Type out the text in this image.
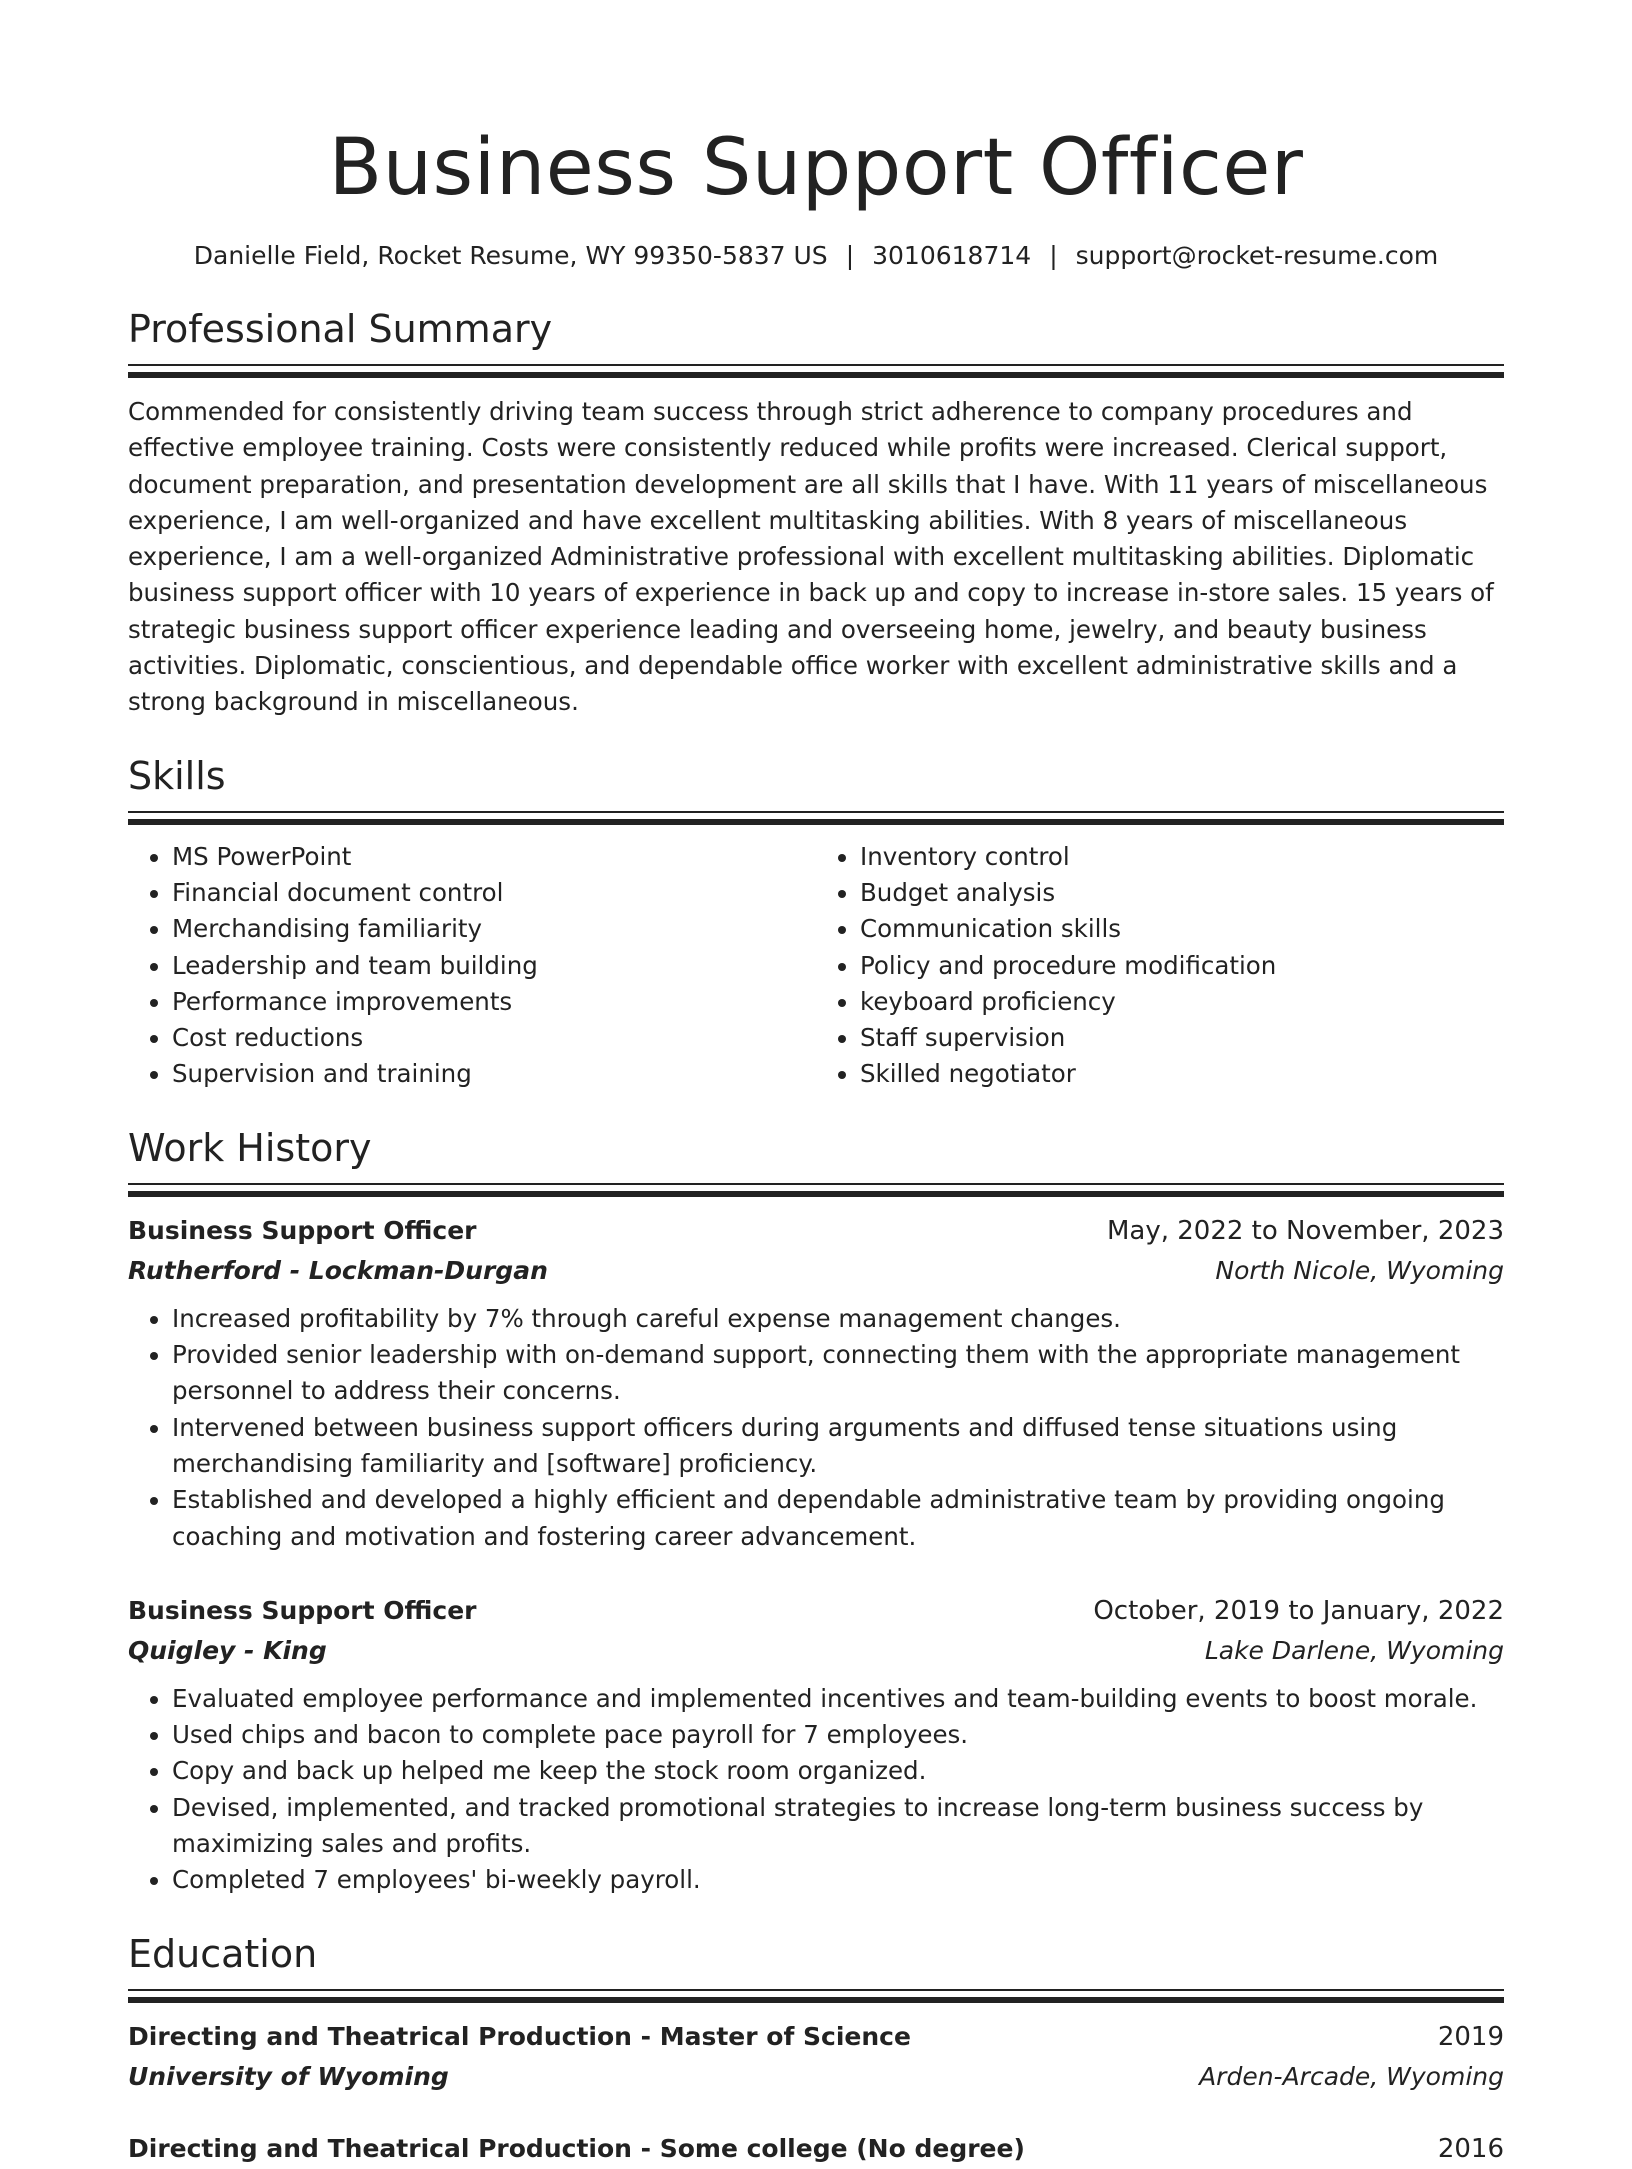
Business Support Officer
Danielle Field, Rocket Resume, WY 99350-5837 US | 3010618714 | support@rocket-resume.com
Professional Summary

Commended for consistently driving team success through strict adherence to company procedures and effective employee training. Costs were consistently reduced while profits were increased. Clerical support, document preparation, and presentation development are all skills that I have. With 11 years of miscellaneous experience, I am well-organized and have excellent multitasking abilities. With 8 years of miscellaneous experience, I am a well-organized Administrative professional with excellent multitasking abilities. Diplomatic business support officer with 10 years of experience in back up and copy to increase in-store sales. 15 years of strategic business support officer experience leading and overseeing home, jewelry, and beauty business activities. Diplomatic, conscientious, and dependable office worker with excellent administrative skills and a strong background in miscellaneous.

Skills
• MS PowerPoint
• Financial document control
• Merchandising familiarity
• Leadership and team building
• Performance improvements
• Cost reductions
• Supervision and training
• Inventory control
• Budget analysis
• Communication skills
• Policy and procedure modification
• keyboard proficiency
• Staff supervision
• Skilled negotiator
Work History
Business Support Officer	May, 2022 to November, 2023
Rutherford - Lockman-Durgan	North Nicole, Wyoming
• Increased profitability by 7% through careful expense management changes.
• Provided senior leadership with on-demand support, connecting them with the appropriate management personnel to address their concerns.
• Intervened between business support officers during arguments and diffused tense situations using merchandising familiarity and [software] proficiency.
• Established and developed a highly efficient and dependable administrative team by providing ongoing coaching and motivation and fostering career advancement.
Business Support Officer	October, 2019 to January, 2022
Quigley - King	Lake Darlene, Wyoming
• Evaluated employee performance and implemented incentives and team-building events to boost morale.
• Used chips and bacon to complete pace payroll for 7 employees.
• Copy and back up helped me keep the stock room organized.
• Devised, implemented, and tracked promotional strategies to increase long-term business success by maximizing sales and profits.
• Completed 7 employees' bi-weekly payroll.
Education
Directing and Theatrical Production - Master of Science	2019
University of Wyoming	Arden-Arcade, Wyoming
Directing and Theatrical Production - Some college (No degree)	2016
